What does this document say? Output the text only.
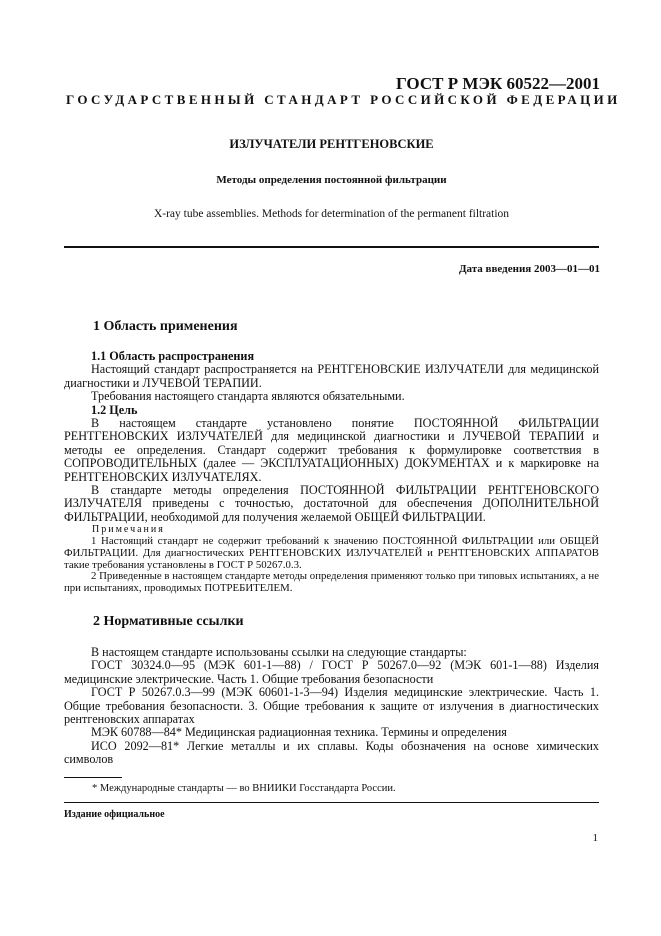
ГОСТ Р МЭК 60522—2001
ГОСУДАРСТВЕННЫЙ СТАНДАРТ РОССИЙСКОЙ ФЕДЕРАЦИИ
ИЗЛУЧАТЕЛИ РЕНТГЕНОВСКИЕ
Методы определения постоянной фильтрации
X-ray tube assemblies. Methods for determination of the permanent filtration
Дата введения 2003—01—01
1 Область применения

1.1 Область распространения

Настоящий стандарт распространяется на РЕНТГЕНОВСКИЕ ИЗЛУЧАТЕЛИ для медицинской диагностики и ЛУЧЕВОЙ ТЕРАПИИ.

Требования настоящего стандарта являются обязательными.

1.2 Цель

В настоящем стандарте установлено понятие ПОСТОЯННОЙ ФИЛЬТРАЦИИ РЕНТГЕНОВСКИХ ИЗЛУЧАТЕЛЕЙ для медицинской диагностики и ЛУЧЕВОЙ ТЕРАПИИ и методы ее определения. Стандарт содержит требования к формулировке соответствия в СОПРОВОДИТЕЛЬНЫХ (далее — ЭКСПЛУАТАЦИОННЫХ) ДОКУМЕНТАХ и к маркировке на РЕНТГЕНОВСКИХ ИЗЛУЧАТЕЛЯХ.

В стандарте методы определения ПОСТОЯННОЙ ФИЛЬТРАЦИИ РЕНТГЕНОВСКОГО ИЗЛУЧАТЕЛЯ приведены с точностью, достаточной для обеспечения ДОПОЛНИТЕЛЬНОЙ ФИЛЬТРАЦИИ, необходимой для получения желаемой ОБЩЕЙ ФИЛЬТРАЦИИ.

Примечания

1 Настоящий стандарт не содержит требований к значению ПОСТОЯННОЙ ФИЛЬТРАЦИИ или ОБЩЕЙ ФИЛЬТРАЦИИ. Для диагностических РЕНТГЕНОВСКИХ ИЗЛУЧАТЕЛЕЙ и РЕНТГЕНОВСКИХ АППАРАТОВ такие требования установлены в ГОСТ Р 50267.0.3.

2 Приведенные в настоящем стандарте методы определения применяют только при типовых испытаниях, а не при испытаниях, проводимых ПОТРЕБИТЕЛЕМ.

2 Нормативные ссылки

В настоящем стандарте использованы ссылки на следующие стандарты:

ГОСТ 30324.0—95 (МЭК 601-1—88) / ГОСТ Р 50267.0—92 (МЭК 601-1—88) Изделия медицинские электрические. Часть 1. Общие требования безопасности

ГОСТ Р 50267.0.3—99 (МЭК 60601-1-3—94) Изделия медицинские электрические. Часть 1. Общие требования безопасности. 3. Общие требования к защите от излучения в диагностических рентгеновских аппаратах

МЭК 60788—84* Медицинская радиационная техника. Термины и определения

ИСО 2092—81* Легкие металлы и их сплавы. Коды обозначения на основе химических символов

* Международные стандарты — во ВНИИКИ Госстандарта России.
Издание официальное
1
